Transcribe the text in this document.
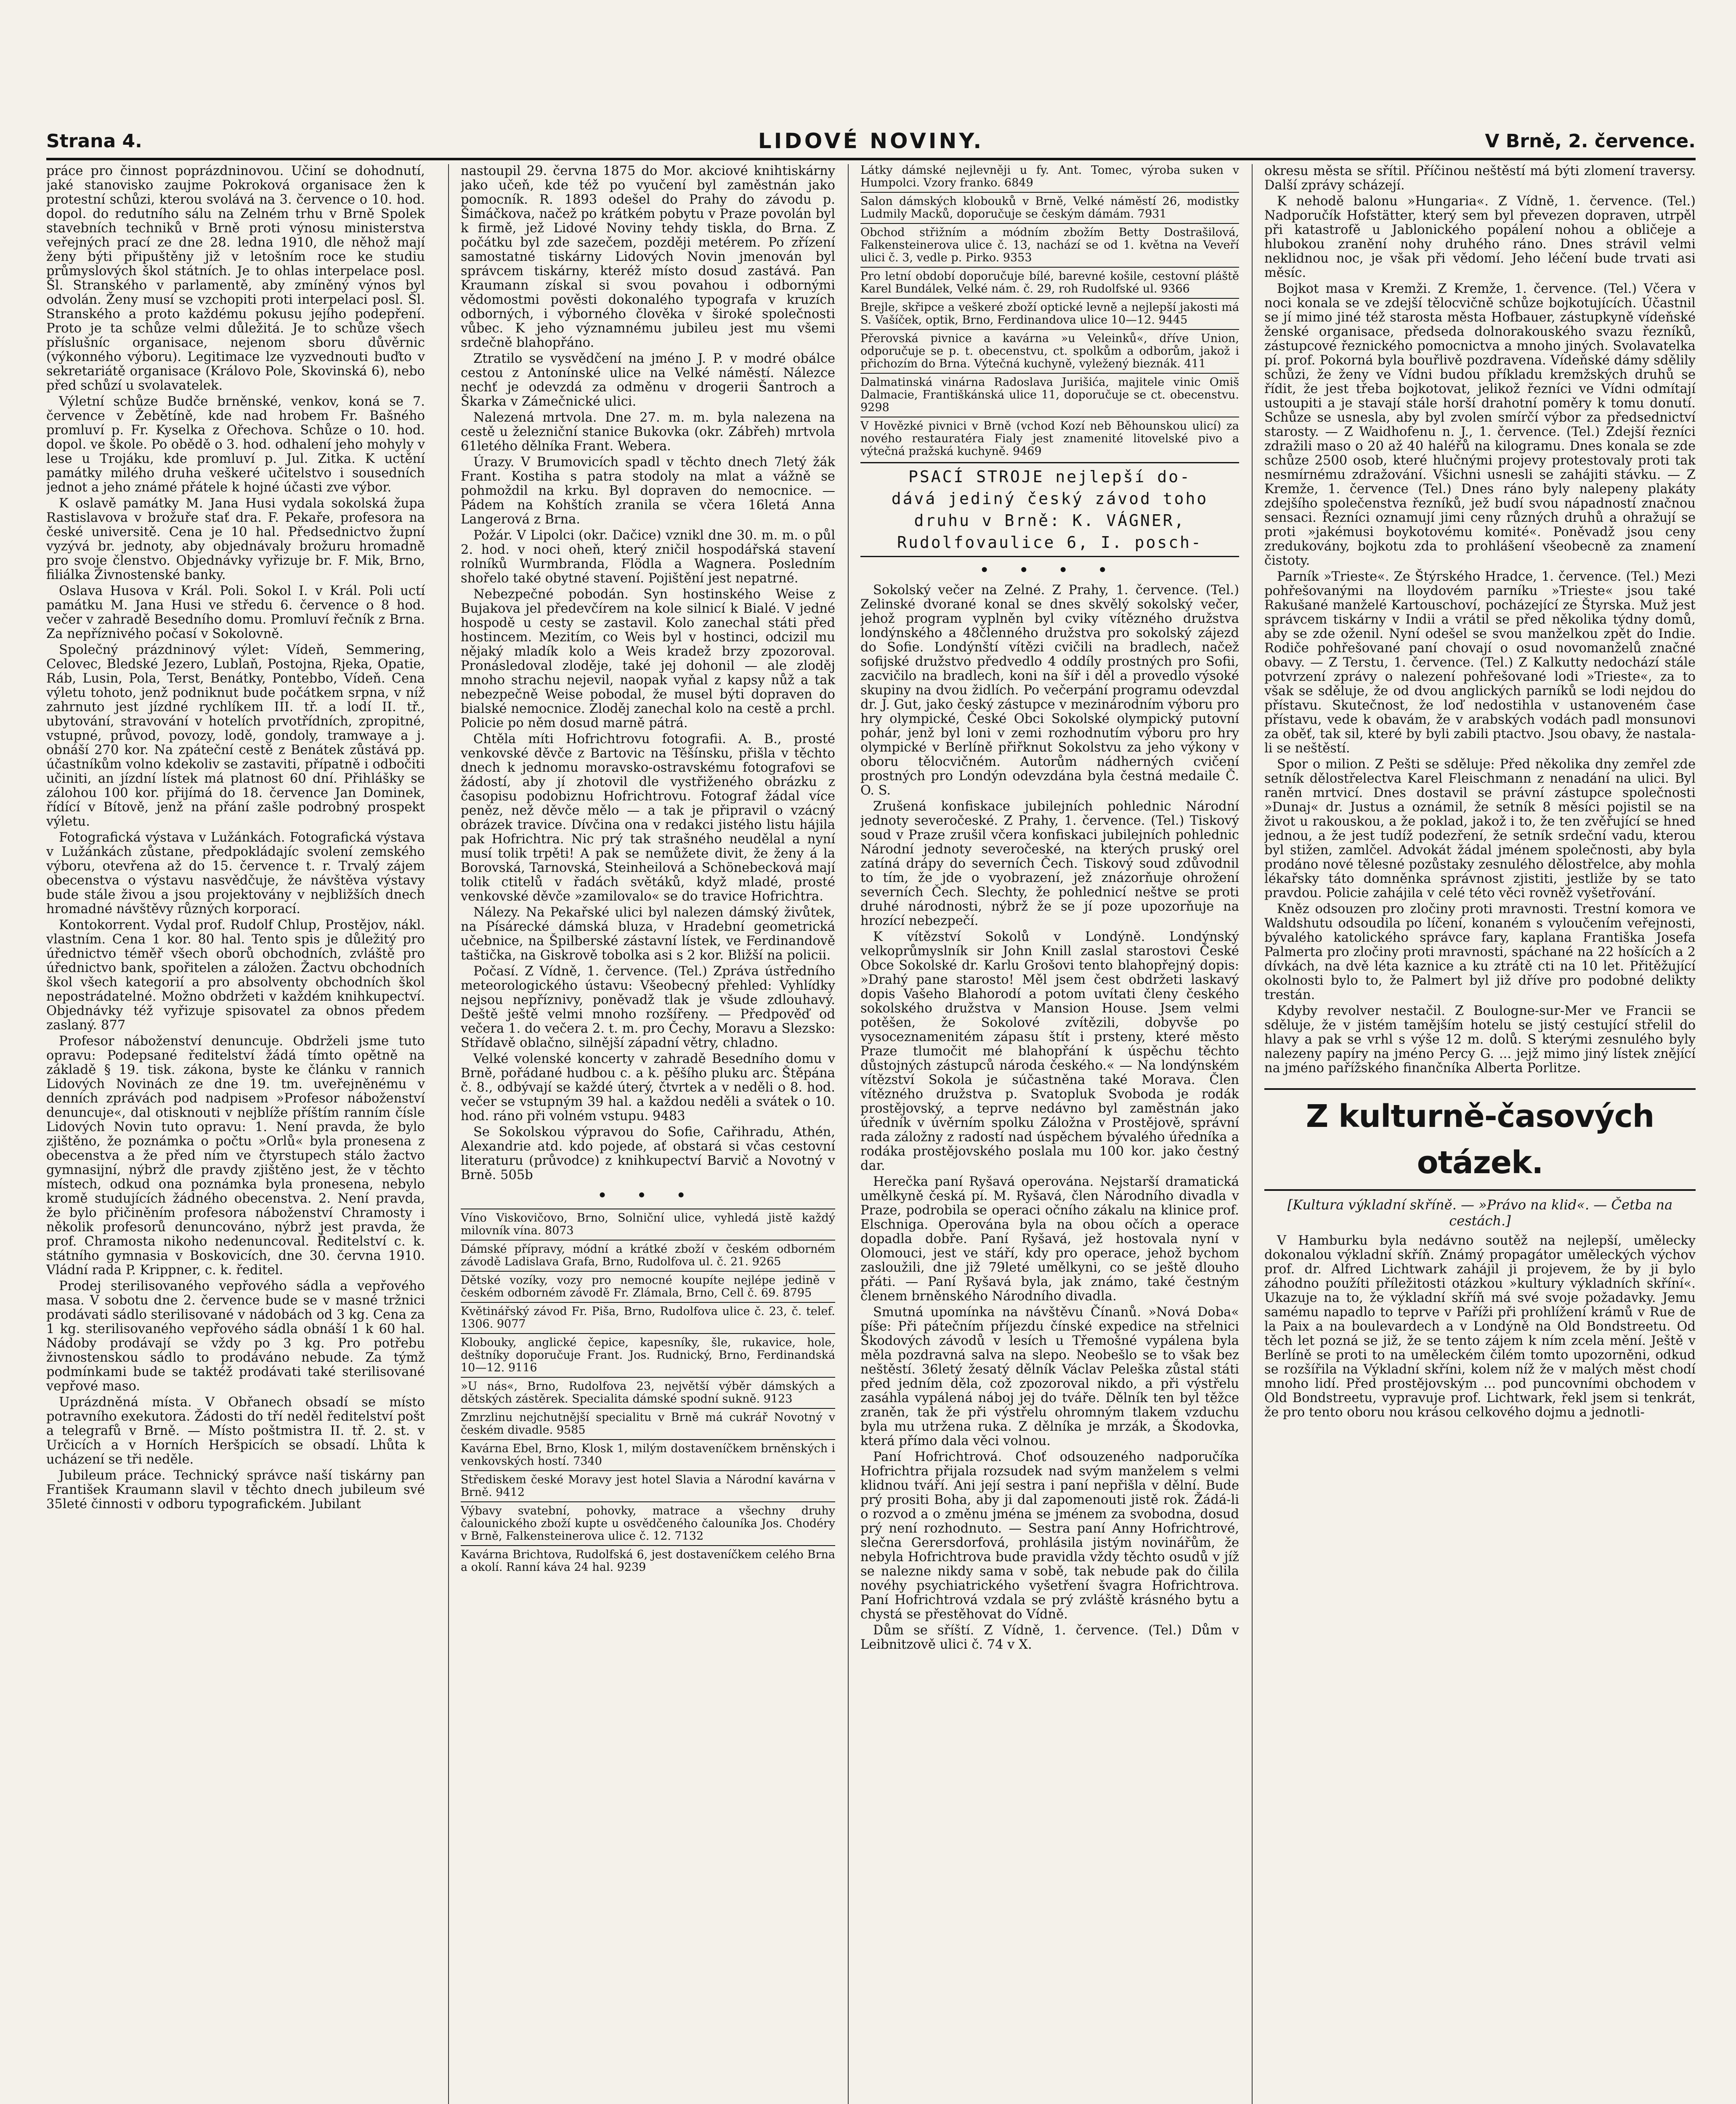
Strana 4.	LIDOVÉ NOVINY.	V Brně, 2. července.

práce pro činnost poprázdninovou. Učiní se dohodnutí, jaké stanovisko zaujme Pokroková organisace žen k protestní schůzi, kterou svolává na 3. července o 10. hod. dopol. do redutního sálu na Zelném trhu v Brně Spolek stavebních techniků v Brně proti výnosu ministerstva veřejných prací ze dne 28. ledna 1910, dle něhož mají ženy býti připuštěny již v letošním roce ke studiu průmyslových škol státních. Je to ohlas interpelace posl. Šl. Stranského v parlamentě, aby zmíněný výnos byl odvolán. Ženy musí se vzchopiti proti interpelaci posl. Šl. Stranského a proto každému pokusu jejího podepření. Proto je ta schůze velmi důležitá. Je to schůze všech příslušníc organisace, nejenom sboru důvěrnic (výkonného výboru). Legitimace lze vyzvednouti buďto v sekretariátě organisace (Královo Pole, Skovinská 6), nebo před schůzí u svolavatelek.

Výletní schůze Budče brněnské, venkov, koná se 7. července v Žebětíně, kde nad hrobem Fr. Bašného promluví p. Fr. Kyselka z Ořechova. Schůze o 10. hod. dopol. ve škole. Po obědě o 3. hod. odhalení jeho mohyly v lese u Trojáku, kde promluví p. Jul. Zitka. K uctění památky milého druha veškeré učitelstvo i sousedních jednot a jeho známé přátele k hojné účasti zve výbor.

K oslavě památky M. Jana Husi vydala sokolská župa Rastislavova v brožuře stať dra. F. Pekaře, profesora na české universitě. Cena je 10 hal. Předsednictvo župní vyzývá br. jednoty, aby objednávaly brožuru hromadně pro svoje členstvo. Objednávky vyřizuje br. F. Mik, Brno, filiálka Živnostenské banky.

Oslava Husova v Král. Poli. Sokol I. v Král. Poli uctí památku M. Jana Husi ve středu 6. července o 8 hod. večer v zahradě Besedního domu. Promluví řečník z Brna. Za nepříznivého počasí v Sokolovně.

Společný prázdninový výlet: Vídeň, Semmering, Celovec, Bledské Jezero, Lublaň, Postojna, Rjeka, Opatie, Ráb, Lusin, Pola, Terst, Benátky, Pontebbo, Vídeň. Cena výletu tohoto, jenž podniknut bude počátkem srpna, v níž zahrnuto jest jízdné rychlíkem III. tř. a lodí II. tř., ubytování, stravování v hotelích prvotřídních, zpropitné, vstupné, průvod, povozy, lodě, gondoly, tramwaye a j. obnáší 270 kor. Na zpáteční cestě z Benátek zůstává pp. účastníkům volno kdekoliv se zastaviti, přípatně i odbočiti učiniti, an jízdní lístek má platnost 60 dní. Přihlášky se zálohou 100 kor. přijímá do 18. července Jan Dominek, řídící v Bítově, jenž na přání zašle podrobný prospekt výletu.

Fotografická výstava v Lužánkách. Fotografická výstava v Lužánkách zůstane, předpokládajíc svolení zemského výboru, otevřena až do 15. července t. r. Trvalý zájem obecenstva o výstavu nasvědčuje, že návštěva výstavy bude stále živou a jsou projektovány v nejbližších dnech hromadné návštěvy různých korporací.

Kontokorrent. Vydal prof. Rudolf Chlup, Prostějov, nákl. vlastním. Cena 1 kor. 80 hal. Tento spis je důležitý pro úřednictvo téměř všech oborů obchodních, zvláště pro úřednictvo bank, spořitelen a záložen. Žactvu obchodních škol všech kategorií a pro absolventy obchodních škol nepostrádatelné. Možno obdržeti v každém knihkupectví. Objednávky též vyřizuje spisovatel za obnos předem zaslaný. 877

Profesor náboženství denuncuje. Obdrželi jsme tuto opravu: Podepsané ředitelství žádá tímto opětně na základě § 19. tisk. zákona, byste ke článku v rannich Lidových Novinách ze dne 19. tm. uveřejněnému v denních zprávách pod nadpisem »Profesor náboženství denuncuje«, dal otisknouti v nejblíže příštím ranním čísle Lidových Novin tuto opravu: 1. Není pravda, že bylo zjištěno, že poznámka o počtu »Orlů« byla pronesena z obecenstva a že před ním ve čtyrstupech stálo žactvo gymnasijní, nýbrž dle pravdy zjištěno jest, že v těchto místech, odkud ona poznámka byla pronesena, nebylo kromě studujících žádného obecenstva. 2. Není pravda, že bylo přičiněním profesora náboženství Chramosty i několik profesorů denuncováno, nýbrž jest pravda, že prof. Chramosta nikoho nedenuncoval. Ředitelství c. k. státního gymnasia v Boskovicích, dne 30. června 1910. Vládní rada P. Krippner, c. k. ředitel.

Prodej sterilisovaného vepřového sádla a vepřového masa. V sobotu dne 2. července bude se v masné tržnici prodávati sádlo sterilisované v nádobách od 3 kg. Cena za 1 kg. sterilisovaného vepřového sádla obnáší 1 k 60 hal. Nádoby prodávají se vždy po 3 kg. Pro potřebu živnostenskou sádlo to prodáváno nebude. Za týmž podmínkami bude se taktéž prodávati také sterilisované vepřové maso.

Uprázdněná místa. V Obřanech obsadí se místo potravního exekutora. Žádosti do tří neděl ředitelství pošt a telegrafů v Brně. — Místo poštmistra II. tř. 2. st. v Určicích a v Horních Heršpicích se obsadí. Lhůta k ucházení se tři neděle.

Jubileum práce. Technický správce naší tiskárny pan František Kraumann slavil v těchto dnech jubileum své 35leté činnosti v odboru typografickém. Jubilant

nastoupil 29. června 1875 do Mor. akciové knihtiskárny jako učeň, kde též po vyučení byl zaměstnán jako pomocník. R. 1893 odešel do Prahy do závodu p. Šimáčkova, načež po krátkém pobytu v Praze povolán byl k firmě, jež Lidové Noviny tehdy tiskla, do Brna. Z počátku byl zde sazečem, později metérem. Po zřízení samostatné tiskárny Lidových Novin jmenován byl správcem tiskárny, kteréž místo dosud zastává. Pan Kraumann získal si svou povahou i odbornými vědomostmi pověsti dokonalého typografa v kruzích odborných, i výborného člověka v široké společnosti vůbec. K jeho významnému jubileu jest mu všemi srdečně blahopřáno.

Ztratilo se vysvědčení na jméno J. P. v modré obálce cestou z Antonínské ulice na Velké náměstí. Nálezce nechť je odevzdá za odměnu v drogerii Šantroch a Škarka v Zámečnické ulici.

Nalezená mrtvola. Dne 27. m. m. byla nalezena na cestě u železniční stanice Bukovka (okr. Zábřeh) mrtvola 61letého dělníka Frant. Webera.

Úrazy. V Brumovicích spadl v těchto dnech 7letý žák Frant. Kostiha s patra stodoly na mlat a vážně se pohmoždil na krku. Byl dopraven do nemocnice. — Pádem na Kohštích zranila se včera 16letá Anna Langerová z Brna.

Požár. V Lipolci (okr. Dačice) vznikl dne 30. m. m. o půl 2. hod. v noci oheň, který zničil hospodářská stavení rolníků Wurmbranda, Flödla a Wagnera. Posledním shořelo také obytné stavení. Pojištění jest nepatrné.

Nebezpečné pobodán. Syn hostinského Weise z Bujakova jel předevčírem na kole silnicí k Bialé. V jedné hospodě u cesty se zastavil. Kolo zanechal státi před hostincem. Mezitím, co Weis byl v hostinci, odcizil mu nějaký mladík kolo a Weis kradež brzy zpozoroval. Pronásledoval zloděje, také jej dohonil — ale zloděj mnoho strachu nejevil, naopak vyňal z kapsy nůž a tak nebezpečně Weise pobodal, že musel býti dopraven do bialské nemocnice. Zloděj zanechal kolo na cestě a prchl. Policie po něm dosud marně pátrá.

Chtěla míti Hofrichtrovu fotografii. A. B., prosté venkovské děvče z Bartovic na Těšínsku, přišla v těchto dnech k jednomu moravsko-ostravskému fotografovi se žádostí, aby jí zhotovil dle vystřiženého obrázku z časopisu podobiznu Hofrichtrovu. Fotograf žádal více peněz, než děvče mělo — a tak je připravil o vzácný obrázek travice. Dívčina ona v redakci jistého listu hájila pak Hofrichtra. Nic prý tak strašného neudělal a nyní musí tolik trpěti! A pak se nemůžete divit, že ženy á la Borovská, Tarnovská, Steinheilová a Schönebecková mají tolik ctitelů v řadách světáků, když mladé, prosté venkovské děvče »zamilovalo« se do travice Hofrichtra.

Nálezy. Na Pekařské ulici byl nalezen dámský živůtek, na Písárecké dámská bluza, v Hradební geometrická učebnice, na Špilberské zástavní lístek, ve Ferdinandově taštička, na Giskrově tobolka asi s 2 kor. Bližší na policii.

Počasí. Z Vídně, 1. července. (Tel.) Zpráva ústředního meteorologického ústavu: Všeobecný přehled: Vyhlídky nejsou nepříznivy, poněvadž tlak je všude zdlouhavý. Deště ještě velmi mnoho rozšířeny. — Předpověď od večera 1. do večera 2. t. m. pro Čechy, Moravu a Slezsko: Střídavě oblačno, silnější západní větry, chladno.

Velké volenské koncerty v zahradě Besedního domu v Brně, pořádané hudbou c. a k. pěšího pluku arc. Štěpána č. 8., odbývají se každé úterý, čtvrtek a v neděli o 8. hod. večer se vstupným 39 hal. a každou neděli a svátek o 10. hod. ráno při volném vstupu. 9483

Se Sokolskou výpravou do Sofie, Cařihradu, Athén, Alexandrie atd. kdo pojede, ať obstará si včas cestovní literaturu (průvodce) z knihkupectví Barvič a Novotný v Brně. 505b

• • •
Víno Viskovičovo, Brno, Solniční ulice, vyhledá jistě každý milovník vína. 8073
Dámské přípravy, módní a krátké zboží v českém odborném závodě Ladislava Grafa, Brno, Rudolfova ul. č. 21. 9265
Dětské vozíky, vozy pro nemocné koupíte nejlépe jedině v českém odborném závodě Fr. Zlámala, Brno, Cell č. 69. 8795
Květinářský závod Fr. Piša, Brno, Rudolfova ulice č. 23, č. telef. 1306. 9077
Klobouky, anglické čepice, kapesníky, šle, rukavice, hole, deštníky doporučuje Frant. Jos. Rudnický, Brno, Ferdinandská 10—12. 9116
»U nás«, Brno, Rudolfova 23, největší výběr dámských a dětských zástěrek. Specialita dámské spodní sukně. 9123
Zmrzlinu nejchutnější specialitu v Brně má cukrář Novotný v českém divadle. 9585
Kavárna Ebel, Brno, Klosk 1, milým dostaveníčkem brněnských i venkovských hostí. 7340
Střediskem české Moravy jest hotel Slavia a Národní kavárna v Brně. 9412
Výbavy svatební, pohovky, matrace a všechny druhy čalounického zboží kupte u osvědčeného čalouníka Jos. Chodéry v Brně, Falkensteinerova ulice č. 12. 7132
Kavárna Brichtova, Rudolfská 6, jest dostaveníčkem celého Brna a okolí. Ranní káva 24 hal. 9239
Látky dámské nejlevněji u fy. Ant. Tomec, výroba suken v Humpolci. Vzory franko. 6849
Salon dámských klobouků v Brně, Velké náměstí 26, modistky Ludmily Macků, doporučuje se českým dámám. 7931
Obchod střižním a módním zbožím Betty Dostrašilová, Falkensteinerova ulice č. 13, nachází se od 1. května na Veveří ulici č. 3, vedle p. Pirko. 9353
Pro letní období doporučuje bílé, barevné košile, cestovní pláště Karel Bundálek, Velké nám. č. 29, roh Rudolfské ul. 9366
Brejle, skřipce a veškeré zboží optické levně a nejlepší jakosti má S. Vašíček, optik, Brno, Ferdinandova ulice 10—12. 9445
Přerovská pivnice a kavárna »u Veleinků«, dříve Union, odporučuje se p. t. obecenstvu, ct. spolkům a odborům, jakož i přichozím do Brna. Výtečná kuchyně, vyležený bieznák. 411
Dalmatinská vinárna Radoslava Jurišića, majitele vinic Omiš Dalmacie, Františkánská ulice 11, doporučuje se ct. obecenstvu. 9298
V Hovězké pivnici v Brně (vchod Kozí neb Běhounskou ulicí) za nového restauratéra Fialy jest znamenité litovelské pivo a výtečná pražská kuchyně. 9469
PSACÍ STROJE nejlepší do-
dává jediný český závod toho
druhu v Brně: K. VÁGNER,
Rudolfovaulice 6, I. posch-
• • • •

Sokolský večer na Zelné. Z Prahy, 1. července. (Tel.) Zelinské dvorané konal se dnes skvělý sokolský večer, jehož program vyplněn byl cviky vítězného družstva londýnského a 48členného družstva pro sokolský zájezd do Sofie. Londýnští vítězi cvičili na bradlech, načež sofijské družstvo předvedlo 4 oddíly prostných pro Sofii, zacvičilo na bradlech, koni na šíř i děl a provedlo výsoké skupiny na dvou židlích. Po večerpání programu odevzdal dr. J. Gut, jako český zástupce v mezinárodním výboru pro hry olympické, České Obci Sokolské olympický putovní pohár, jenž byl loni v zemi rozhodnutím výboru pro hry olympické v Berlíně přiřknut Sokolstvu za jeho výkony v oboru tělocvičném. Autorům nádherných cvičení prostných pro Londýn odevzdána byla čestná medaile Č. O. S.

Zrušená konfiskace jubilejních pohlednic Národní jednoty severočeské. Z Prahy, 1. července. (Tel.) Tiskový soud v Praze zrušil včera konfiskaci jubilejních pohlednic Národní jednoty severočeské, na kterých pruský orel zatíná drápy do severních Čech. Tiskový soud zdůvodnil to tím, že jde o vyobrazení, jež znázorňuje ohrožení severních Čech. Slechty, že pohlednicí neštve se proti druhé národnosti, nýbrž že se jí poze upozorňuje na hrozící nebezpečí.

K vítězství Sokolů v Londýně. Londýnský velkoprůmyslník sir John Knill zaslal starostovi České Obce Sokolské dr. Karlu Grošovi tento blahopřejný dopis: »Drahý pane starosto! Měl jsem čest obdržeti laskavý dopis Vašeho Blahorodí a potom uvítati členy českého sokolského družstva v Mansion House. Jsem velmi potěšen, že Sokolové zvítězili, dobyvše po vysoceznamenitém zápasu štít i prsteny, které město Praze tlumočit mé blahopřání k úspěchu těchto důstojných zástupců národa českého.« — Na londýnském vítězství Sokola je súčastněna také Morava. Člen vítězného družstva p. Svatopluk Svoboda je rodák prostějovský, a teprve nedávno byl zaměstnán jako úředník v úvěrním spolku Záložna v Prostějově, správní rada záložny z radostí nad úspěchem bývalého úředníka a rodáka prostějovského poslala mu 100 kor. jako čestný dar.

Herečka paní Ryšavá operována. Nejstarší dramatická umělkyně česká pí. M. Ryšavá, člen Národního divadla v Praze, podrobila se operaci očního zákalu na klinice prof. Elschniga. Operována byla na obou očích a operace dopadla dobře. Paní Ryšavá, jež hostovala nyní v Olomouci, jest ve stáří, kdy pro operace, jehož bychom zasloužili, dne již 79leté umělkyni, co se ještě dlouho přáti. — Paní Ryšavá byla, jak známo, také čestným členem brněnského Národního divadla.

Smutná upomínka na návštěvu Čínanů. »Nová Doba« píše: Při pátečním příjezdu čínské expedice na střelnici Škodových závodů v lesích u Třemošné vypálena byla měla pozdravná salva na slepo. Neobešlo se to však bez neštěstí. 36letý žesatý dělník Václav Peleška zůstal státi před jedním děla, což zpozoroval nikdo, a při výstřelu zasáhla vypálená náboj jej do tváře. Dělník ten byl těžce zraněn, tak že při výstřelu ohromným tlakem vzduchu byla mu utržena ruka. Z dělníka je mrzák, a Škodovka, která přímo dala věci volnou.

Paní Hofrichtrová. Choť odsouzeného nadporučíka Hofrichtra přijala rozsudek nad svým manželem s velmi klidnou tváří. Ani její sestra i paní nepřišla v dělní. Bude prý prositi Boha, aby ji dal zapomenouti jistě rok. Žádá-li o rozvod a o změnu jména se jménem za svobodna, dosud prý není rozhodnuto. — Sestra paní Anny Hofrichtrové, slečna Gerersdorfová, prohlásila jistým novinářům, že nebyla Hofrichtrova bude pravidla vždy těchto osudů v jíž se nalezne nikdy sama v sobě, tak nebude pak do čilila novéhy psychiatrického vyšetření švagra Hofrichtrova. Paní Hofrichtrová vzdala se prý zvláště krásného bytu a chystá se přestěhovat do Vídně.

Dům se sříští. Z Vídně, 1. července. (Tel.) Dům v Leibnitzově ulici č. 74 v X.

okresu města se sřítil. Příčinou neštěstí má býti zlomení traversy. Další zprávy scházejí.

K nehodě balonu »Hungaria«. Z Vídně, 1. července. (Tel.) Nadporučík Hofstätter, který sem byl převezen dopraven, utrpěl při katastrofě u Jablonického popálení nohou a obličeje a hlubokou zranění nohy druhého ráno. Dnes strávil velmi neklidnou noc, je však při vědomí. Jeho léčení bude trvati asi měsíc.

Bojkot masa v Kremži. Z Kremže, 1. července. (Tel.) Včera v noci konala se ve zdejší tělocvičně schůze bojkotujících. Účastnil se jí mimo jiné též starosta města Hofbauer, zástupkyně vídeňské ženské organisace, předseda dolnorakouského svazu řezníků, zástupcové řeznického pomocnictva a mnoho jiných. Svolavatelka pí. prof. Pokorná byla bouřlivě pozdravena. Vídeňské dámy sdělily schůzi, že ženy ve Vídni budou příkladu kremžských druhů se řídit, že jest třeba bojkotovat, jelikož řezníci ve Vídni odmítají ustoupiti a je stavají stále horší drahotní poměry k tomu donutí. Schůze se usnesla, aby byl zvolen smírčí výbor za předsednictví starosty. — Z Waidhofenu n. J., 1. července. (Tel.) Zdejší řezníci zdražili maso o 20 až 40 haléřů na kilogramu. Dnes konala se zde schůze 2500 osob, které hlučnými projevy protestovaly proti tak nesmírnému zdražování. Všichni usnesli se zahájiti stávku. — Z Kremže, 1. července (Tel.) Dnes ráno byly nalepeny plakáty zdejšího společenstva řezníků, jež budí svou nápadností značnou sensaci. Řezníci oznamují jimi ceny různých druhů a ohražují se proti »jakémusi boykotovému komité«. Poněvadž jsou ceny zredukovány, bojkotu zda to prohlášení všeobecně za znamení čistoty.

Parník »Trieste«. Ze Štýrského Hradce, 1. července. (Tel.) Mezi pohřešovanými na lloydovém parníku »Trieste« jsou také Rakušané manželé Kartouschoví, pocházející ze Štyrska. Muž jest správcem tiskárny v Indii a vrátil se před několika týdny domů, aby se zde oženil. Nyní odešel se svou manželkou zpět do Indie. Rodiče pohřešované paní chovají o osud novomanželů značné obavy. — Z Terstu, 1. července. (Tel.) Z Kalkutty nedochází stále potvrzení zprávy o nalezení pohřešované lodi »Trieste«, za to však se sděluje, že od dvou anglických parníků se lodi nejdou do přístavu. Skutečnost, že loď nedostihla v ustanoveném čase přístavu, vede k obavám, že v arabských vodách padl monsunovi za oběť, tak sil, které by byli zabili ptactvo. Jsou obavy, že nastala-li se neštěstí.

Spor o milion. Z Pešti se sděluje: Před několika dny zemřel zde setník dělostřelectva Karel Fleischmann z nenadání na ulici. Byl raněn mrtvicí. Dnes dostavil se právní zástupce společnosti »Dunaj« dr. Justus a oznámil, že setník 8 měsíci pojistil se na život u rakouskou, a že poklad, jakož i to, že ten zvěřující se hned jednou, a že jest tudíž podezření, že setník srdeční vadu, kterou byl stižen, zamlčel. Advokát žádal jménem společnosti, aby byla prodáno nové tělesné pozůstaky zesnulého dělostřelce, aby mohla lékařsky táto domněnka správnost zjistiti, jestliže by se tato pravdou. Policie zahájila v celé této věci rovněž vyšetřování.

Kněz odsouzen pro zločiny proti mravnosti. Trestní komora ve Waldshutu odsoudila po líčení, konaném s vyloučením veřejnosti, bývalého katolického správce fary, kaplana Františka Josefa Palmerta pro zločiny proti mravnosti, spáchané na 22 hošících a 2 dívkách, na dvě léta kaznice a ku ztrátě cti na 10 let. Přitěžující okolnosti bylo to, že Palmert byl již dříve pro podobné delikty trestán.

Kdyby revolver nestačil. Z Boulogne-sur-Mer ve Francii se sděluje, že v jistém tamějším hotelu se jistý cestující střelil do hlavy a pak se vrhl s výše 12 m. dolů. S kterými zesnulého byly nalezeny papíry na jméno Percy G. ... jejž mimo jiný lístek znějící na jméno pařížského finančníka Alberta Porlitze.

Z kulturně-časových otázek.
[Kultura výkladní skříně. — »Právo na klid«. — Četba na cestách.]

V Hamburku byla nedávno soutěž na nejlepší, umělecky dokonalou výkladní skříň. Známý propagátor uměleckých výchov prof. dr. Alfred Lichtwark zahájil ji projevem, že by ji bylo záhodno použíti příležitosti otázkou »kultury výkladních skříní«. Ukazuje na to, že výkladní skříň má své svoje požadavky. Jemu samému napadlo to teprve v Paříži při prohlížení krámů v Rue de la Paix a na boulevardech a v Londýně na Old Bondstreetu. Od těch let pozná se již, že se tento zájem k ním zcela mění. Ještě v Berlíně se proti to na uměleckém čilém tomto upozorněni, odkud se rozšířila na Výkladní skříni, kolem níž že v malých měst chodí mnoho lidí. Před prostějovským ... pod puncovními obchodem v Old Bondstreetu, vypravuje prof. Lichtwark, řekl jsem si tenkrát, že pro tento oboru nou krásou celkového dojmu a jednotli-
